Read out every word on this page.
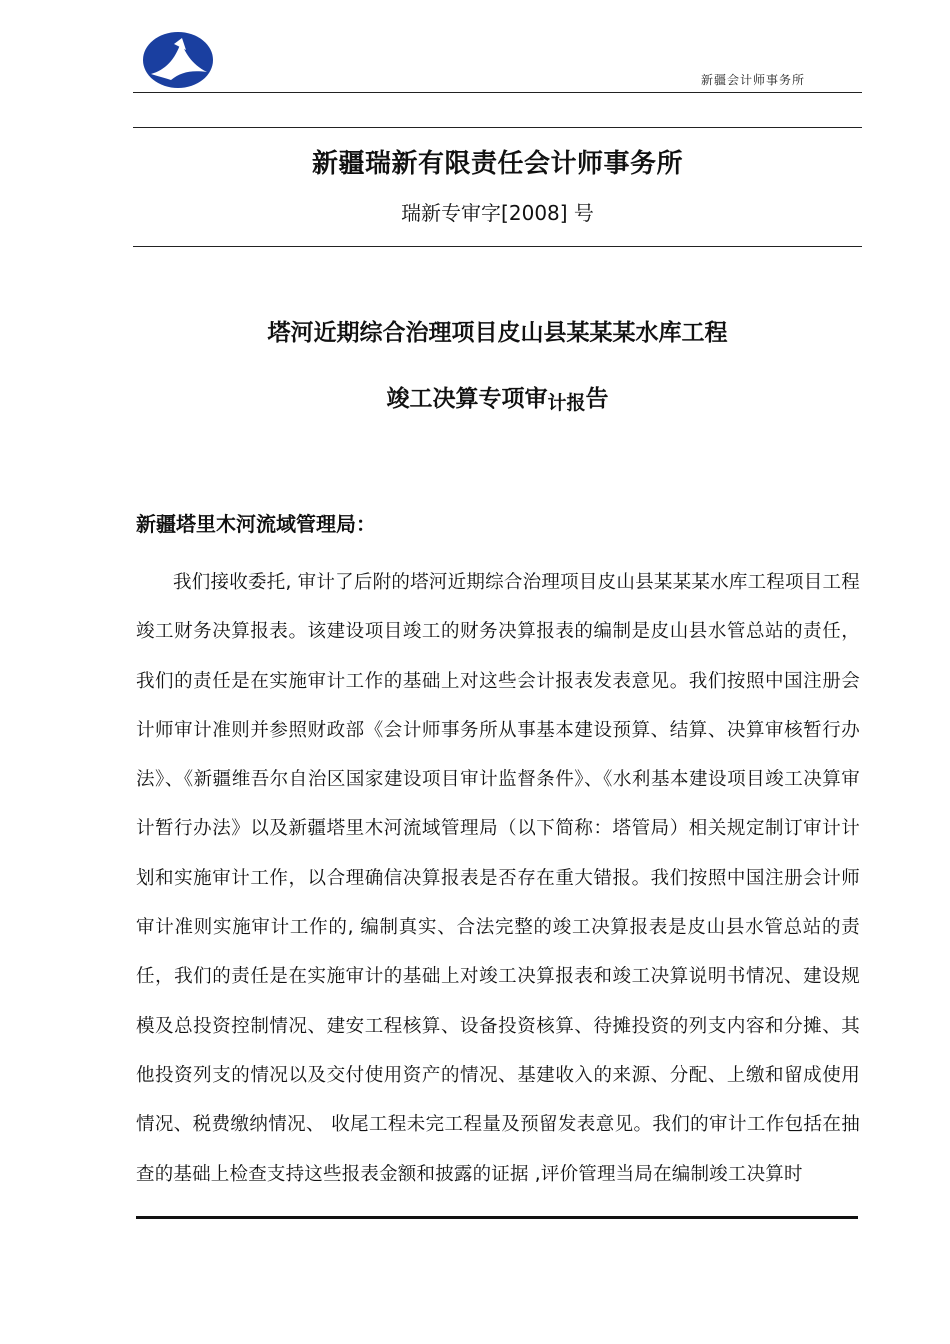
新疆会计师事务所
新疆瑞新有限责任会计师事务所
瑞新专审字[2008] 号
塔河近期综合治理项目皮山县某某某水库工程
竣工决算专项审计报告
新疆塔里木河流域管理局：

我们接收委托, 审计了后附的塔河近期综合治理项目皮山县某某某水库工程项目工程竣工财务决算报表。该建设项目竣工的财务决算报表的编制是皮山县水管总站的责任，我们的责任是在实施审计工作的基础上对这些会计报表发表意见。我们按照中国注册会计师审计准则并参照财政部《会计师事务所从事基本建设预算、结算、决算审核暂行办法》、《新疆维吾尔自治区国家建设项目审计监督条件》、《水利基本建设项目竣工决算审计暂行办法》以及新疆塔里木河流域管理局（以下简称：塔管局）相关规定制订审计计划和实施审计工作，以合理确信决算报表是否存在重大错报。我们按照中国注册会计师审计准则实施审计工作的, 编制真实、合法完整的竣工决算报表是皮山县水管总站的责任，我们的责任是在实施审计的基础上对竣工决算报表和竣工决算说明书情况、建设规模及总投资控制情况、建安工程核算、设备投资核算、待摊投资的列支内容和分摊、其他投资列支的情况以及交付使用资产的情况、基建收入的来源、分配、上缴和留成使用情况、税费缴纳情况、 收尾工程未完工程量及预留发表意见。我们的审计工作包括在抽查的基础上检查支持这些报表金额和披露的证据 ,评价管理当局在编制竣工决算时
